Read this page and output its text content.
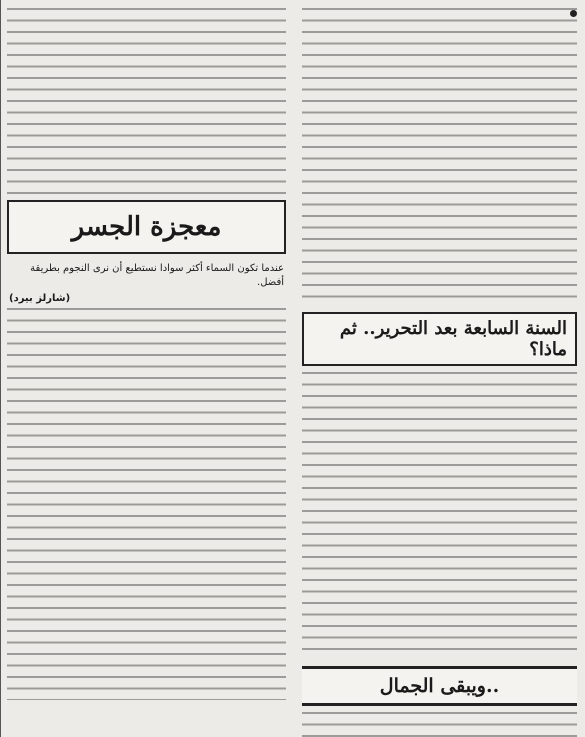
السنة السابعة بعد التحرير.. ثم ماذا؟
..ويبقى الجمال
معجزة الجسر
عندما تكون السماء أكثر سوادا نستطيع أن نرى النجوم بطريقة أفضل.
(شارلز بيرد)
